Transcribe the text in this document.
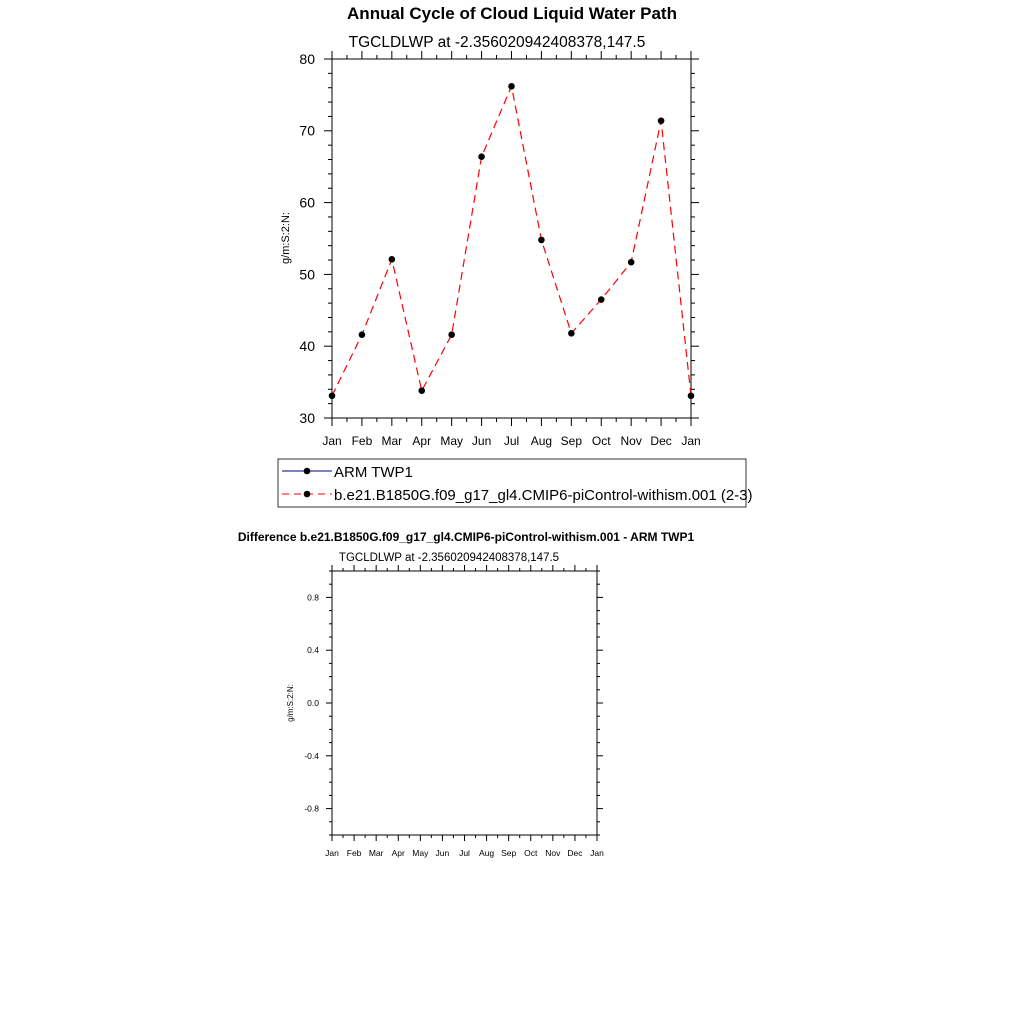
Annual Cycle of Cloud Liquid Water Path
TGCLDLWP at -2.356020942408378,147.5
g/m:S:2:N:
Jan Feb Mar Apr May Jun Jul Aug Sep Oct Nov Dec Jan
30
40
50
60
70
80
ARM TWP1
b.e21.B1850G.f09_g17_gl4.CMIP6-piControl-withism.001 (2-3)
Difference b.e21.B1850G.f09_g17_gl4.CMIP6-piControl-withism.001 - ARM TWP1
TGCLDLWP at -2.356020942408378,147.5
g/m:S:2:N:
Jan Feb Mar Apr May Jun Jul Aug Sep Oct Nov Dec Jan
0.8
0.4
0.0
-0.4
-0.8
